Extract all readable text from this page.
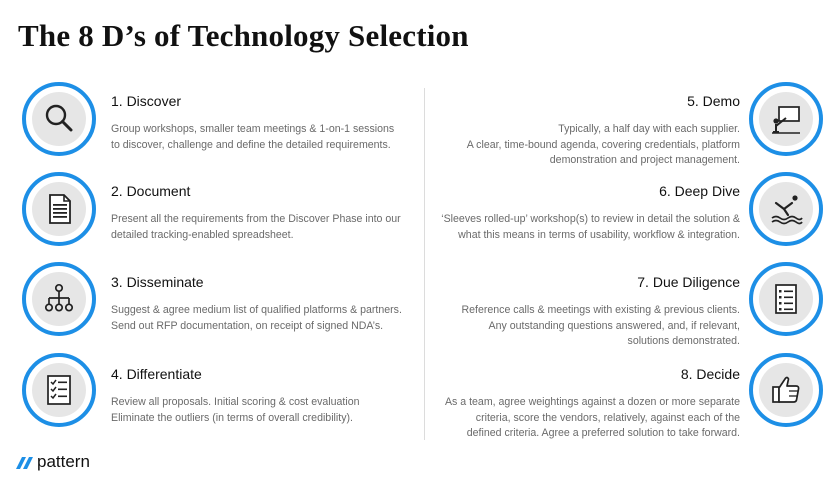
The 8 D’s of Technology Selection
1. Discover
Group workshops, smaller team meetings & 1-on-1 sessions
to discover, challenge and define the detailed requirements.
2. Document
Present all the requirements from the Discover Phase into our
detailed tracking-enabled spreadsheet.
3. Disseminate
Suggest & agree medium list of qualified platforms & partners.
Send out RFP documentation, on receipt of signed NDA’s.
4. Differentiate
Review all proposals. Initial scoring & cost evaluation
Eliminate the outliers (in terms of overall credibility).
5. Demo
Typically, a half day with each supplier.
A clear, time-bound agenda, covering credentials, platform
demonstration and project management.
6. Deep Dive
‘Sleeves rolled-up’ workshop(s) to review in detail the solution &
what this means in terms of usability, workflow & integration.
7. Due Diligence
Reference calls & meetings with existing & previous clients.
Any outstanding questions answered, and, if relevant,
solutions demonstrated.
8. Decide
As a team, agree weightings against a dozen or more separate
criteria, score the vendors, relatively, against each of the
defined criteria. Agree a preferred solution to take forward.
pattern
